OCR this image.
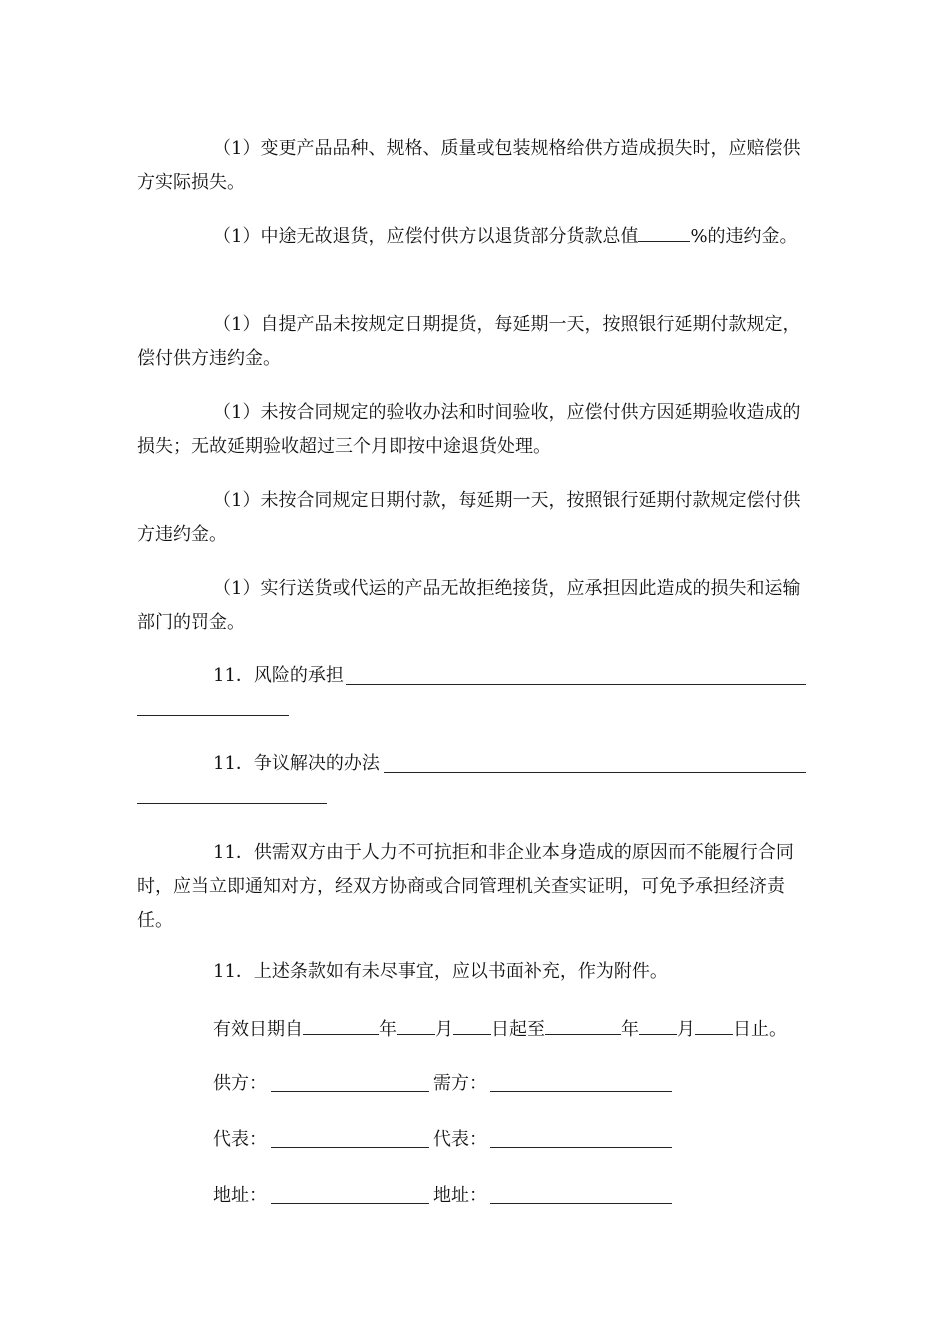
（1）变更产品品种、规格、质量或包装规格给供方造成损失时，应赔偿供方实际损失。

（1）中途无故退货，应偿付供方以退货部分货款总值	%的违约金。

（1）自提产品未按规定日期提货，每延期一天，按照银行延期付款规定，偿付供方违约金。

（1）未按合同规定的验收办法和时间验收，应偿付供方因延期验收造成的损失；无故延期验收超过三个月即按中途退货处理。

（1）未按合同规定日期付款，每延期一天，按照银行延期付款规定偿付供方违约金。

（1）实行送货或代运的产品无故拒绝接货，应承担因此造成的损失和运输部门的罚金。

11．风险的承担

11．争议解决的办法

11．供需双方由于人力不可抗拒和非企业本身造成的原因而不能履行合同时，应当立即通知对方，经双方协商或合同管理机关查实证明，可免予承担经济责任。

11．上述条款如有未尽事宜，应以书面补充，作为附件。

有效日期自	年 月 日起至	年 月 日止。

供方：	需方：

代表：	代表：

地址：	地址：
